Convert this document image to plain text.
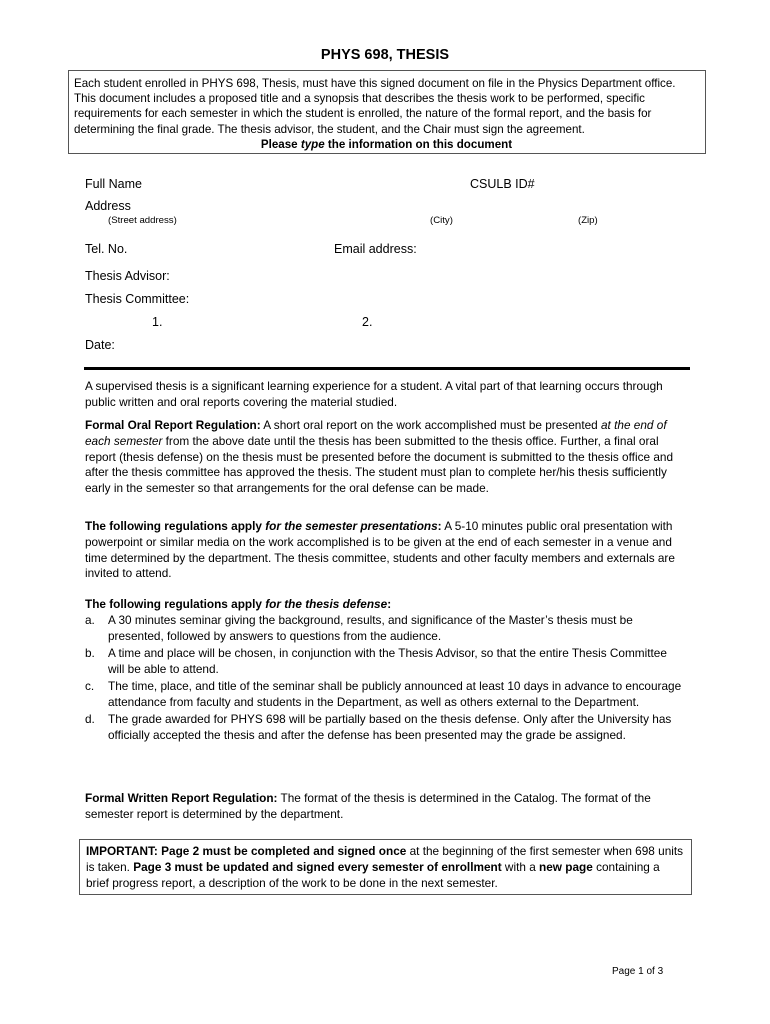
PHYS 698, THESIS
Each student enrolled in PHYS 698, Thesis, must have this signed document on file in the Physics Department office. This document includes a proposed title and a synopsis that describes the thesis work to be performed, specific requirements for each semester in which the student is enrolled, the nature of the formal report, and the basis for determining the final grade. The thesis advisor, the student, and the Chair must sign the agreement.
Please type the information on this document
Full Name	CSULB ID#
Address
(Street address)	(City)	(Zip)
Tel. No.	Email address:
Thesis Advisor:
Thesis Committee:
1.	2.
Date:
A supervised thesis is a significant learning experience for a student. A vital part of that learning occurs through public written and oral reports covering the material studied.
Formal Oral Report Regulation: A short oral report on the work accomplished must be presented at the end of each semester from the above date until the thesis has been submitted to the thesis office. Further, a final oral report (thesis defense) on the thesis must be presented before the document is submitted to the thesis office and after the thesis committee has approved the thesis. The student must plan to complete her/his thesis sufficiently early in the semester so that arrangements for the oral defense can be made.
The following regulations apply for the semester presentations: A 5-10 minutes public oral presentation with powerpoint or similar media on the work accomplished is to be given at the end of each semester in a venue and time determined by the department. The thesis committee, students and other faculty members and externals are invited to attend.
The following regulations apply for the thesis defense:
a. A 30 minutes seminar giving the background, results, and significance of the Master’s thesis must be presented, followed by answers to questions from the audience.
b. A time and place will be chosen, in conjunction with the Thesis Advisor, so that the entire Thesis Committee will be able to attend.
c. The time, place, and title of the seminar shall be publicly announced at least 10 days in advance to encourage attendance from faculty and students in the Department, as well as others external to the Department.
d. The grade awarded for PHYS 698 will be partially based on the thesis defense. Only after the University has officially accepted the thesis and after the defense has been presented may the grade be assigned.
Formal Written Report Regulation: The format of the thesis is determined in the Catalog. The format of the semester report is determined by the department.
IMPORTANT: Page 2 must be completed and signed once at the beginning of the first semester when 698 units is taken. Page 3 must be updated and signed every semester of enrollment with a new page containing a brief progress report, a description of the work to be done in the next semester.
Page 1 of 3
